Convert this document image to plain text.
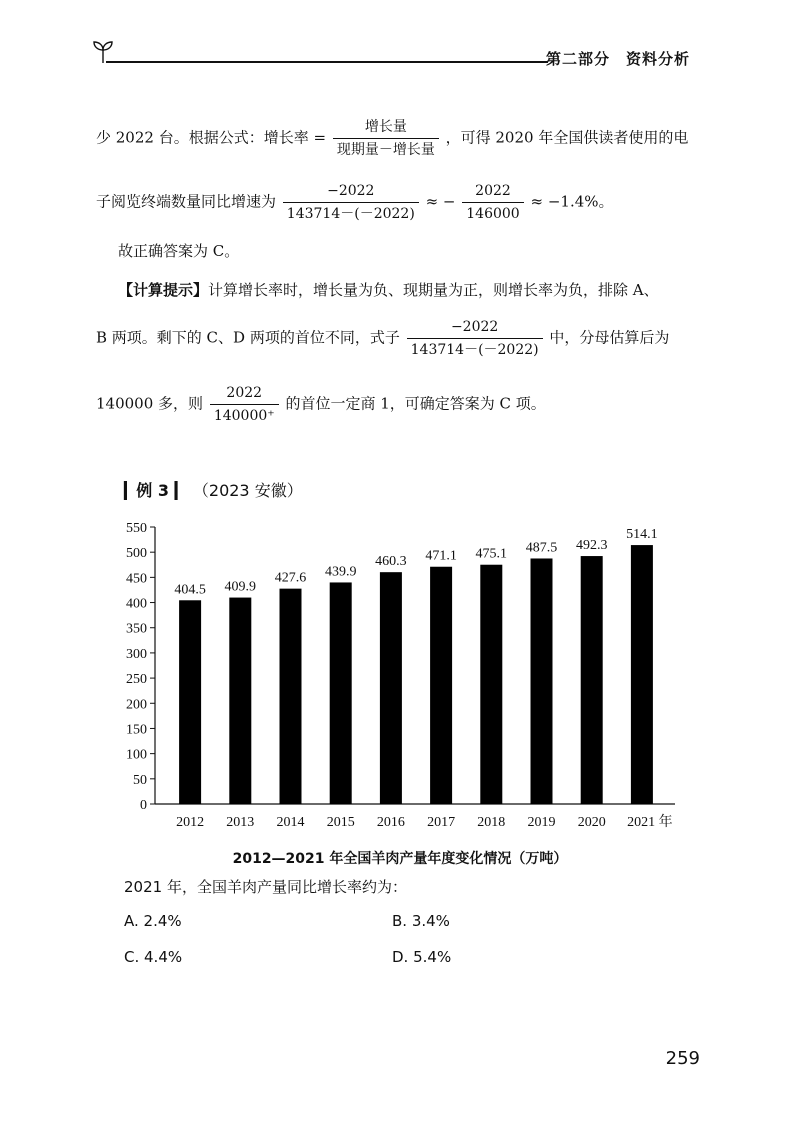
第二部分　资料分析
少 2022 台。根据公式：增长率 = $\frac{\text{增长量}}{\text{现期量－增长量}}$ ，可得 2020 年全国供读者使用的电
子阅览终端数量同比增速为 $\frac{-2022}{143714-(-2022)}$ ≈ − $\frac{2022}{146000} \approx -1.4\%$。
故正确答案为 C。
【计算提示】计算增长率时，增长量为负、现期量为正，则增长率为负，排除 A、
B 两项。剩下的 C、D 两项的首位不同，式子 $\frac{-2022}{143714-(-2022)}$ 中，分母估算后为
140000 多，则 $\frac{2022}{140000^+}$ 的首位一定商 1，可确定答案为 C 项。
▎例 3 ▎ （2023 安徽）
0
50
100
150
200
250
300
350
400
450
500
550
404.5
2012
409.9
2013
427.6
2014
439.9
2015
460.3
2016
471.1
2017
475.1
2018
487.5
2019
492.3
2020
514.1
2021 年
2012—2021 年全国羊肉产量年度变化情况（万吨）
2021 年，全国羊肉产量同比增长率约为：
A. 2.4%	B. 3.4%
C. 4.4%	D. 5.4%
259
